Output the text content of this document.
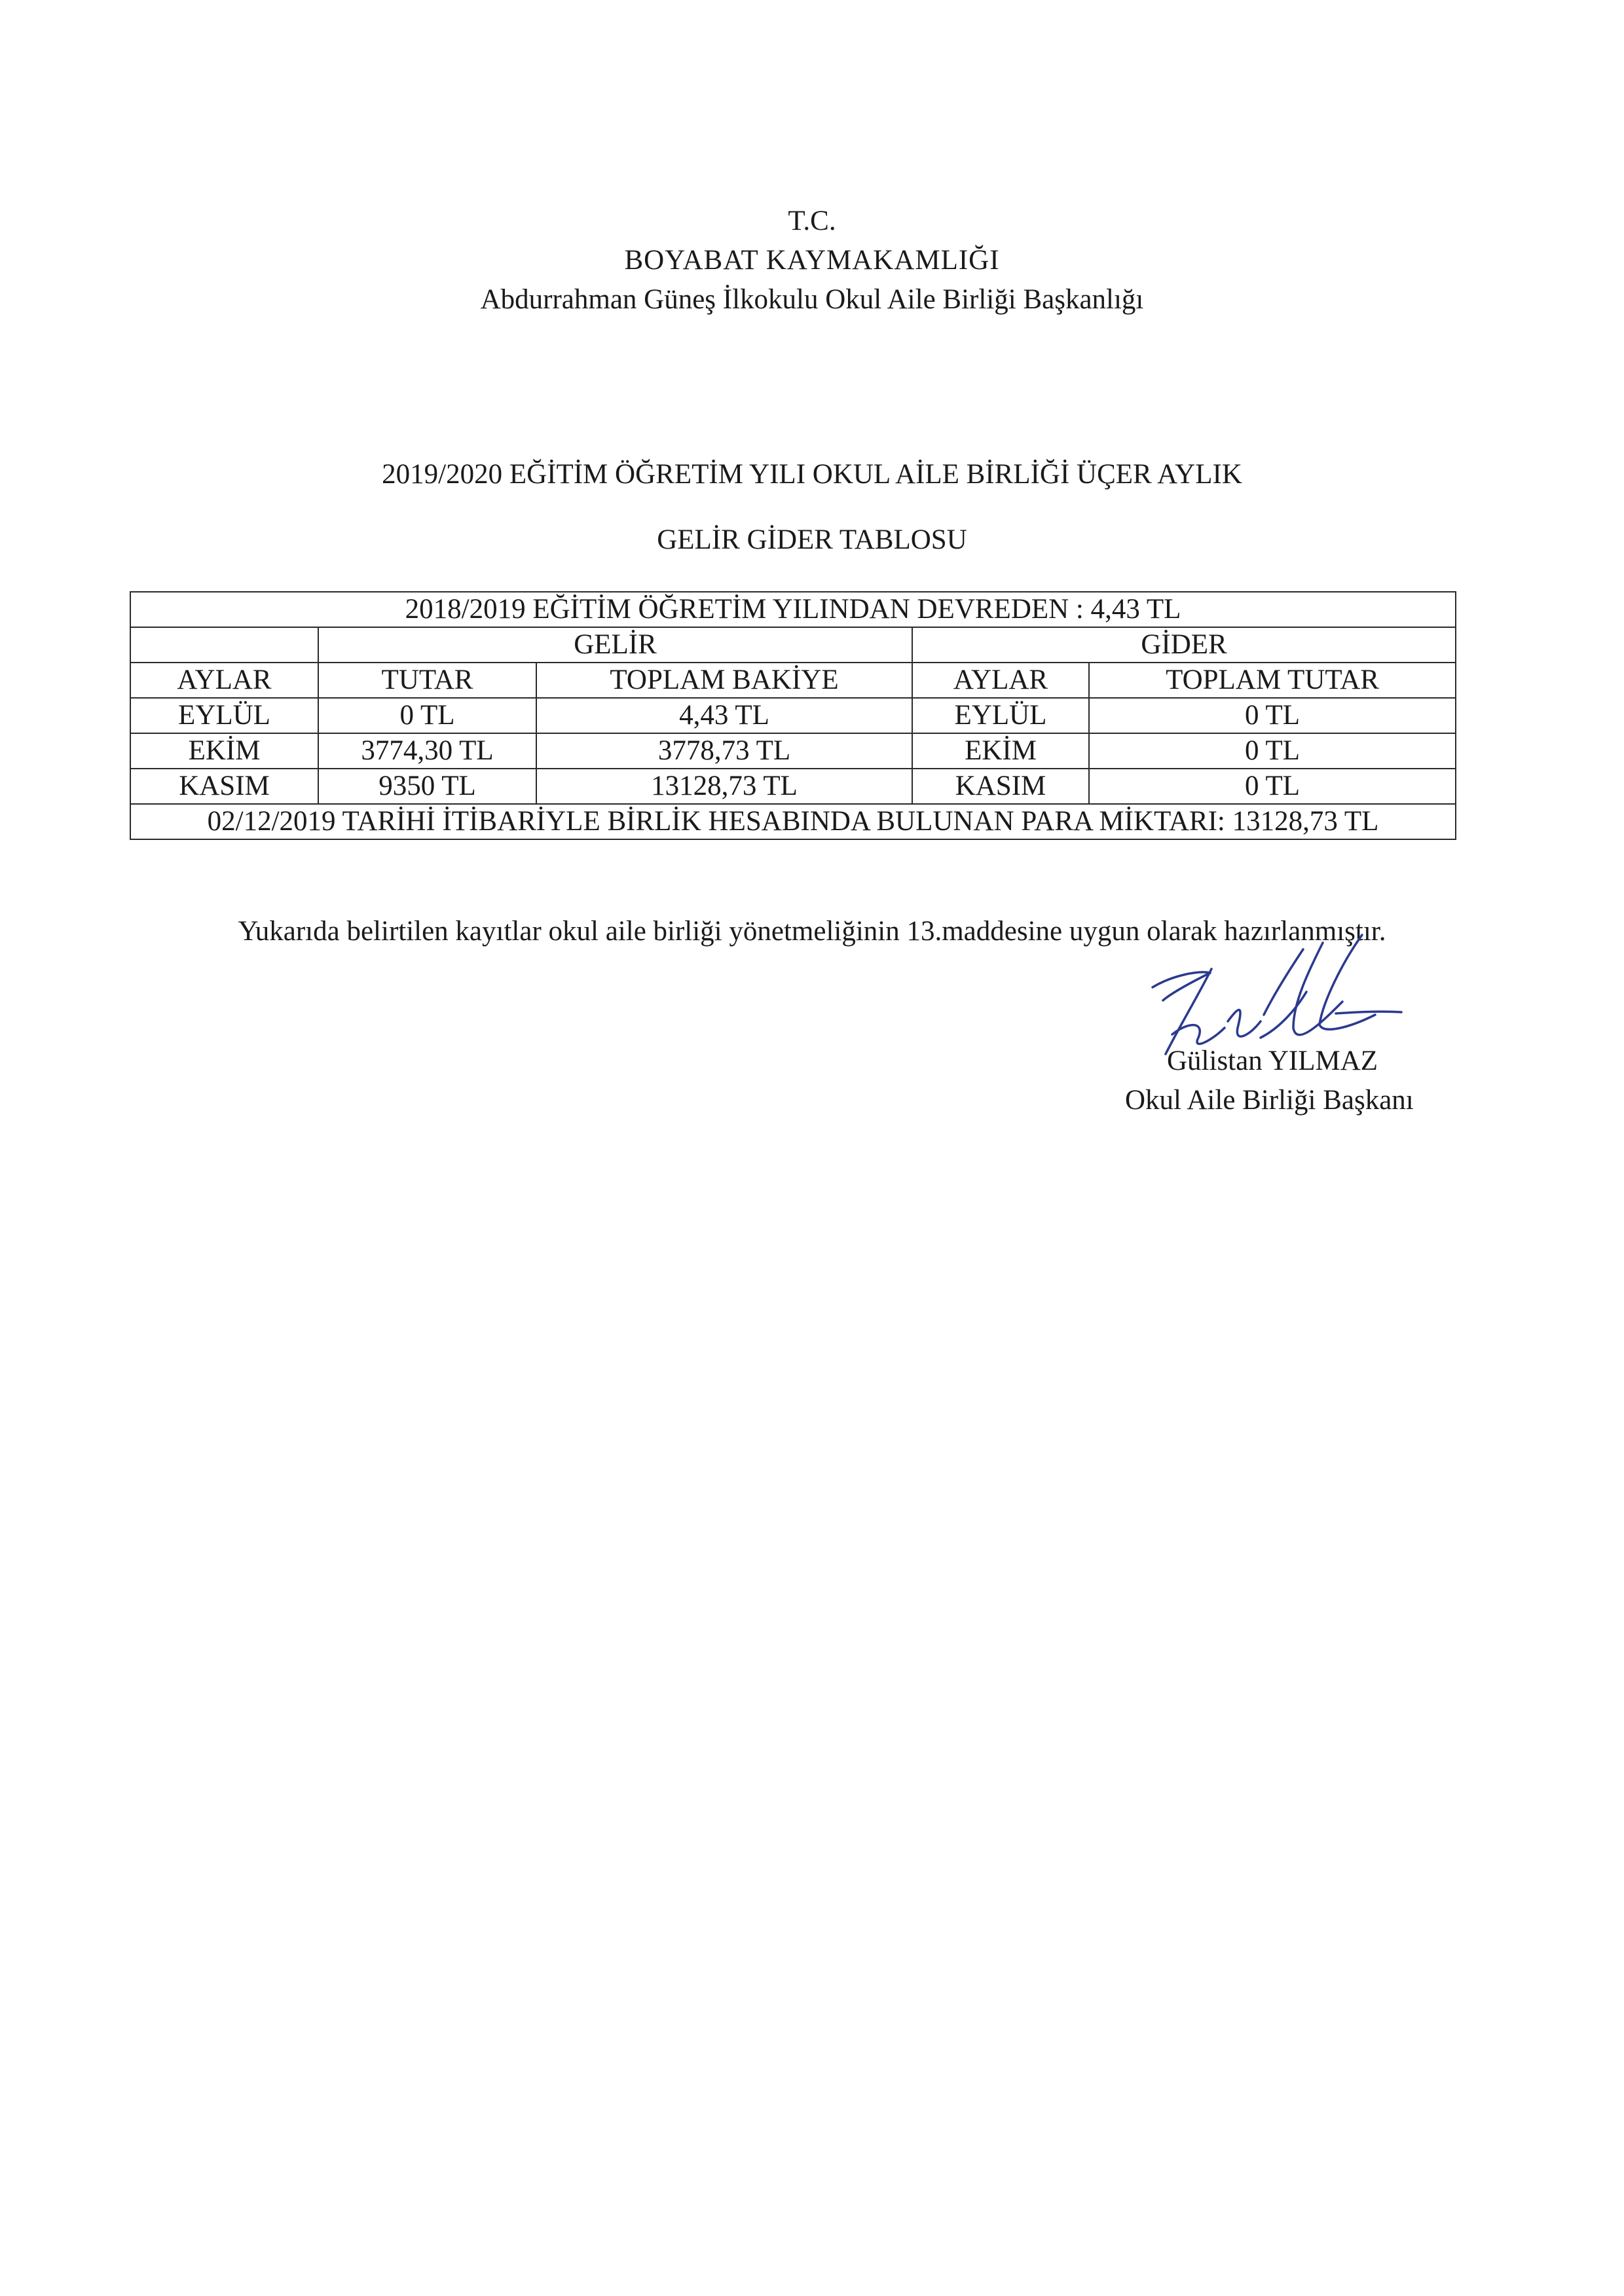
T.C.
BOYABAT KAYMAKAMLIĞI
Abdurrahman Güneş İlkokulu Okul Aile Birliği Başkanlığı
2019/2020 EĞİTİM ÖĞRETİM YILI OKUL AİLE BİRLİĞİ ÜÇER AYLIK
GELİR GİDER TABLOSU
2018/2019 EĞİTİM ÖĞRETİM YILINDAN DEVREDEN : 4,43 TL				
	GELİR		GİDER	
AYLAR	TUTAR	TOPLAM BAKİYE	AYLAR	TOPLAM TUTAR
EYLÜL	0 TL	4,43 TL	EYLÜL	0 TL
EKİM	3774,30 TL	3778,73 TL	EKİM	0 TL
KASIM	9350 TL	13128,73 TL	KASIM	0 TL
02/12/2019 TARİHİ İTİBARİYLE BİRLİK HESABINDA BULUNAN PARA MİKTARI: 13128,73 TL				
Yukarıda belirtilen kayıtlar okul aile birliği yönetmeliğinin 13.maddesine uygun olarak hazırlanmıştır.
Gülistan YILMAZ
Okul Aile Birliği Başkanı
